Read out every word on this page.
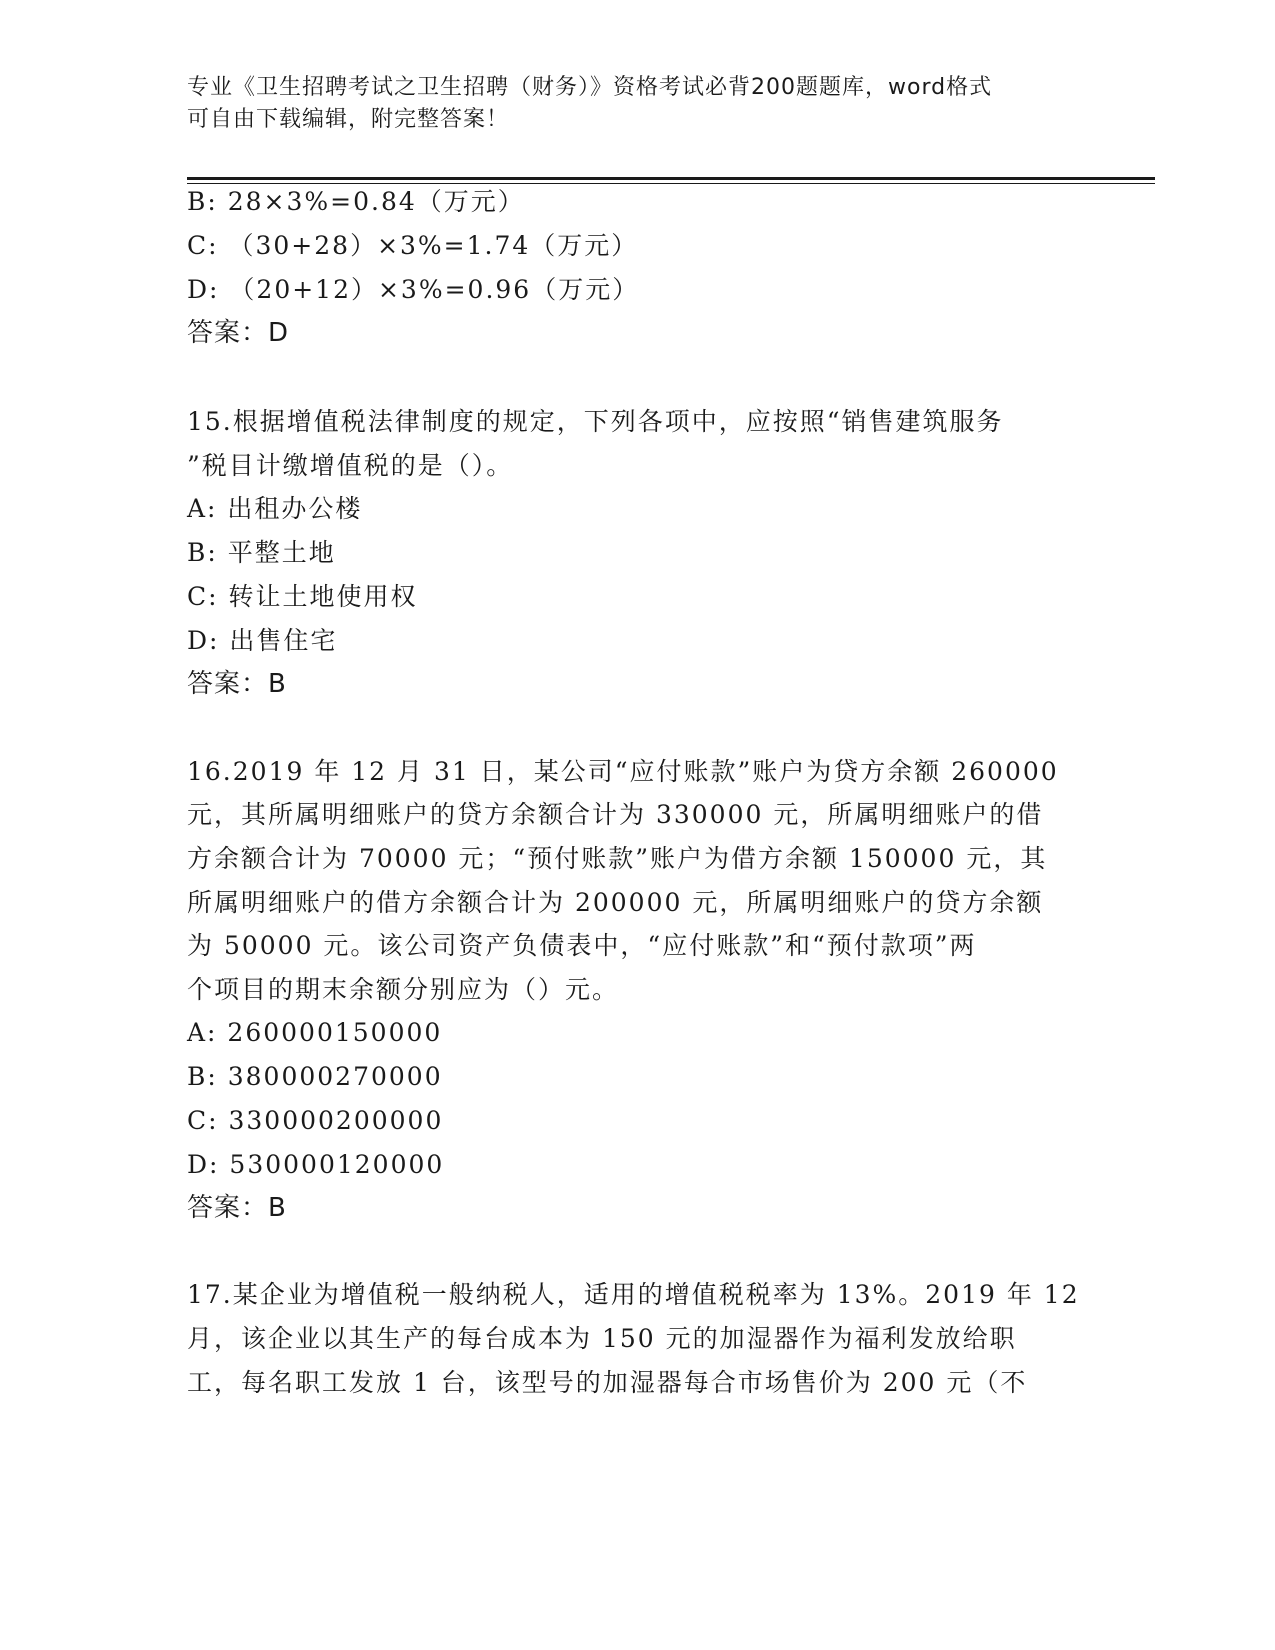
专业《卫生招聘考试之卫生招聘（财务）》资格考试必背200题题库，word格式
可自由下载编辑，附完整答案！
B: 28×3%=0.84（万元）
C: （30+28）×3%=1.74（万元）
D: （20+12）×3%=0.96（万元）
答案：D
15.根据增值税法律制度的规定，下列各项中，应按照“销售建筑服务
”税目计缴增值税的是（）。
A: 出租办公楼
B: 平整土地
C: 转让土地使用权
D: 出售住宅
答案：B
16.2019 年 12 月 31 日，某公司“应付账款”账户为贷方余额 260000
元，其所属明细账户的贷方余额合计为 330000 元，所属明细账户的借
方余额合计为 70000 元；“预付账款”账户为借方余额 150000 元，其
所属明细账户的借方余额合计为 200000 元，所属明细账户的贷方余额
为 50000 元。该公司资产负债表中，“应付账款”和“预付款项”两
个项目的期末余额分别应为（）元。
A: 260000150000
B: 380000270000
C: 330000200000
D: 530000120000
答案：B
17.某企业为增值税一般纳税人，适用的增值税税率为 13%。2019 年 12
月，该企业以其生产的每台成本为 150 元的加湿器作为福利发放给职
工，每名职工发放 1 台，该型号的加湿器每合市场售价为 200 元（不
